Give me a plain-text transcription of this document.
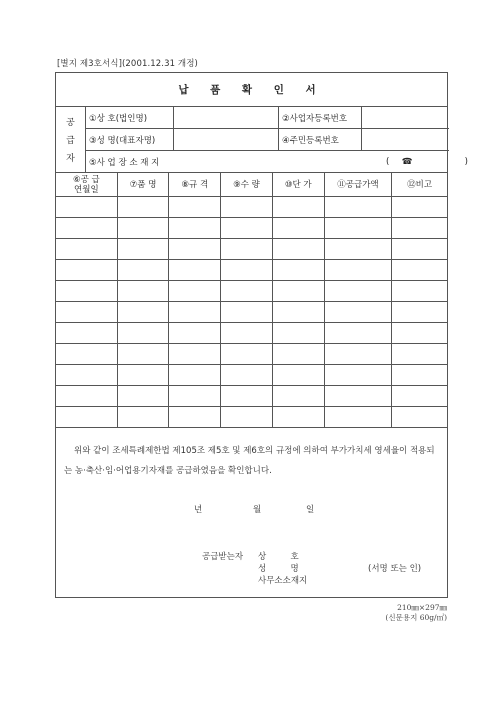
[별지 제3호서식](2001.12.31 개정)
납 품 확 인 서
공
급
자
①상 호(법인명)	②사업자등록번호
③성 명(대표자명)	④주민등록번호
⑤사 업 장 소 재 지	( ☎	)
⑥공 급
연월일	⑦품 명	⑧규 격	⑨수 량	⑩단 가	⑪공급가액	⑫비고

위와 같이 조세특례제한법 제105조 제5호 및 제6호의 규정에 의하여 부가가치세 영세율이 적용되는 농·축산·임·어업용기자재를 공급하였음을 확인합니다.

년	월	일
공급받는자 상         호
성         명
사무소소재지
(서명 또는 인)
210㎜×297㎜
(신문용지 60g/㎡)
